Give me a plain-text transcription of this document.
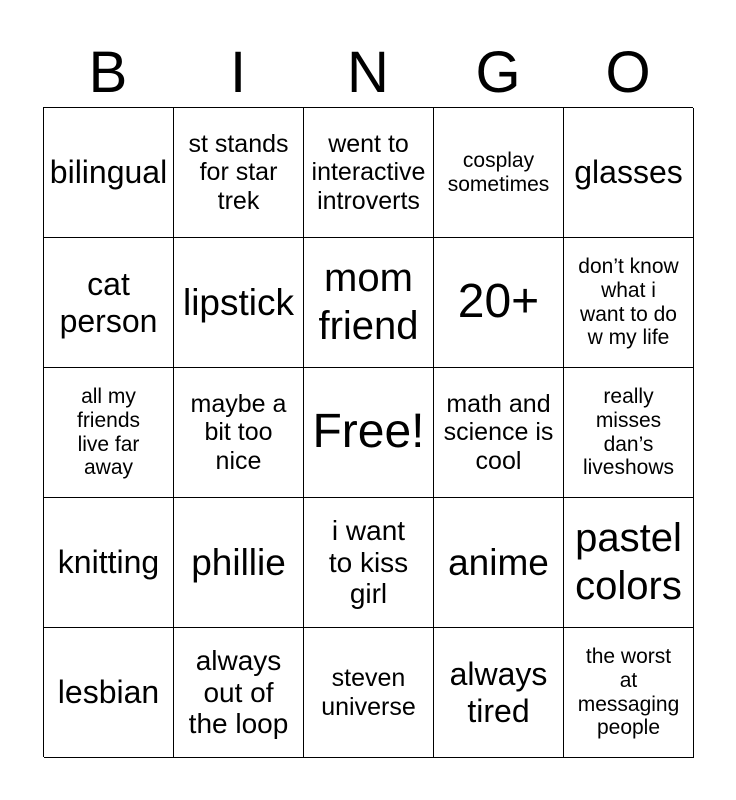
B	I	N	G	O
bilingual
st stands
for star
trek
went to
interactive
introverts
cosplay
sometimes glasses
cat
person lipstick
mom
friend 20+
don’t know
what i
want to do
w my life
all my
friends
live far
away
maybe a
bit too
nice
Free!
math and
science is
cool
really
misses
dan’s
liveshows
knitting phillie
i want
to kiss
girl
anime
pastel
colors
lesbian
always
out of
the loop
steven
universe
always
tired
the worst
at
messaging
people
